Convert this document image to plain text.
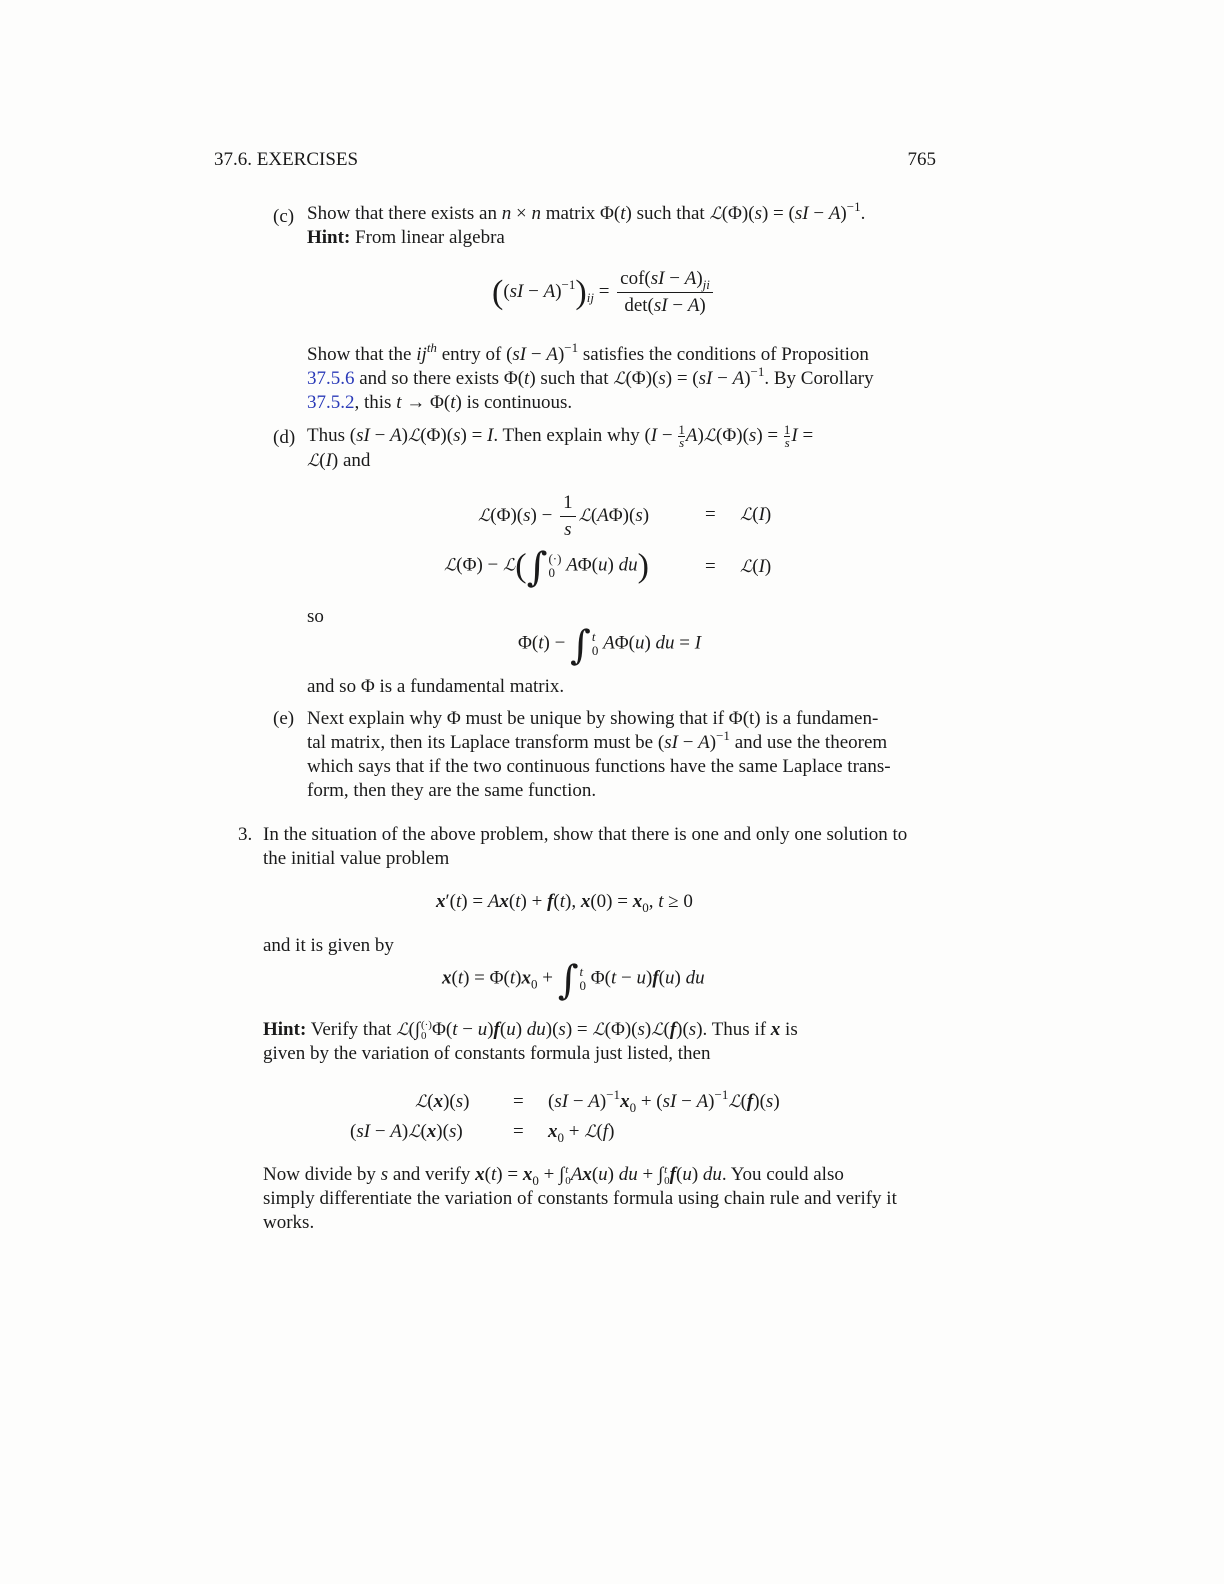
37.6. EXERCISES	765
(c) Show that there exists an n × n matrix Φ(t) such that ℒ(Φ)(s) = (sI − A)$^{-1}$.

Hint: From linear algebra

$((sI - A)^{-1})_{ij} = \frac{cof(sI - A)_{ji}}{\det(sI - A)}$

Show that the $ij^{th}$ entry of (sI − A)$^{-1}$ satisfies the conditions of Proposition

37.5.6 and so there exists Φ(t) such that ℒ(Φ)(s) = (sI − A)$^{-1}$. By Corollary

37.5.2, this t → Φ(t) is continuous.

(d) Thus (sI − A)ℒ(Φ)(s) = I. Then explain why ($I - \frac{1}{s}$ A)ℒ(Φ)(s) = $\frac{1}{s}$ I =

ℒ(I) and

ℒ(Φ)(s) − $\frac{1}{s}$ ℒ(AΦ)(s)	= ℒ(I)
ℒ(Φ) − ℒ(∫ (·)
0 AΦ(u) du)	= ℒ(I)
so
Φ(t) − ∫ t
0 AΦ(u) du = I

and so Φ is a fundamental matrix.

(e) Next explain why Φ must be unique by showing that if Φ(t) is a fundamen-

tal matrix, then its Laplace transform must be (sI − A)$^{-1}$ and use the theorem

which says that if the two continuous functions have the same Laplace trans-

form, then they are the same function.

3. In the situation of the above problem, show that there is one and only one solution to

the initial value problem

x′(t) = Ax(t) + f(t), $x(0) = x_0$, t ≥ 0
and it is given by
$x(t) = \Phi(t)x_0$ + ∫ t
0 Φ(t − u)f(u) du

Hint: Verify that ℒ(∫ (·)
0 Φ(t − u)f(u) du)(s) = ℒ(Φ)(s)ℒ(f)(s). Thus if x is

given by the variation of constants formula just listed, then

ℒ(x)(s) = $(sI - A)^{-1}x_0 + (sI$ − A)$^{-1}$ℒ(f)(s)
(sI − A)ℒ(x)(s)	= $x_0$ + ℒ(f)

Now divide by s and verify $x(t) = x_0$ + ∫ t
0 Ax(u) du + ∫ t
0 f(u) du. You could also

simply differentiate the variation of constants formula using chain rule and verify it

works.
